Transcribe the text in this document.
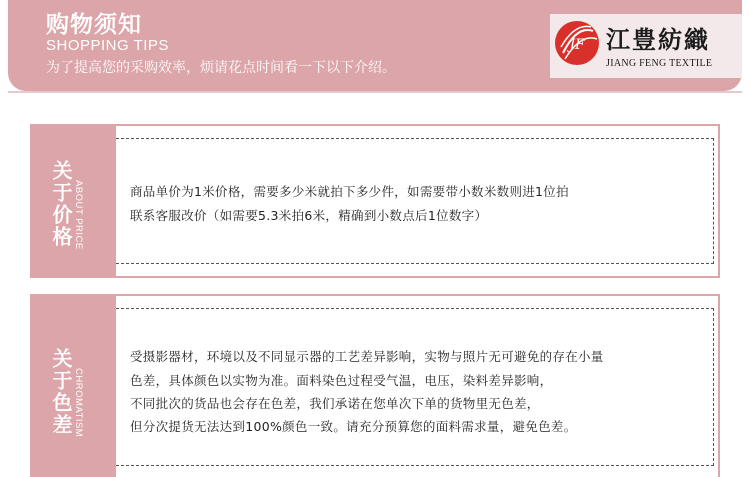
购物须知
SHOPPING TIPS
为了提高您的采购效率，烦请花点时间看一下以下介绍。
JF 江豊紡織
JIANG FENG TEXTILE
关于价格 ABOUT PRICE	商品单价为1米价格，需要多少米就拍下多少件，如需要带小数米数则进1位拍
联系客服改价（如需要5.3米拍6米，精确到小数点后1位数字）
关于色差 CHROMATISM
受摄影器材，环境以及不同显示器的工艺差异影响，实物与照片无可避免的存在小量
色差，具体颜色以实物为准。面料染色过程受气温，电压，染料差异影响，
不同批次的货品也会存在色差，我们承诺在您单次下单的货物里无色差，
但分次提货无法达到100%颜色一致。请充分预算您的面料需求量，避免色差。
